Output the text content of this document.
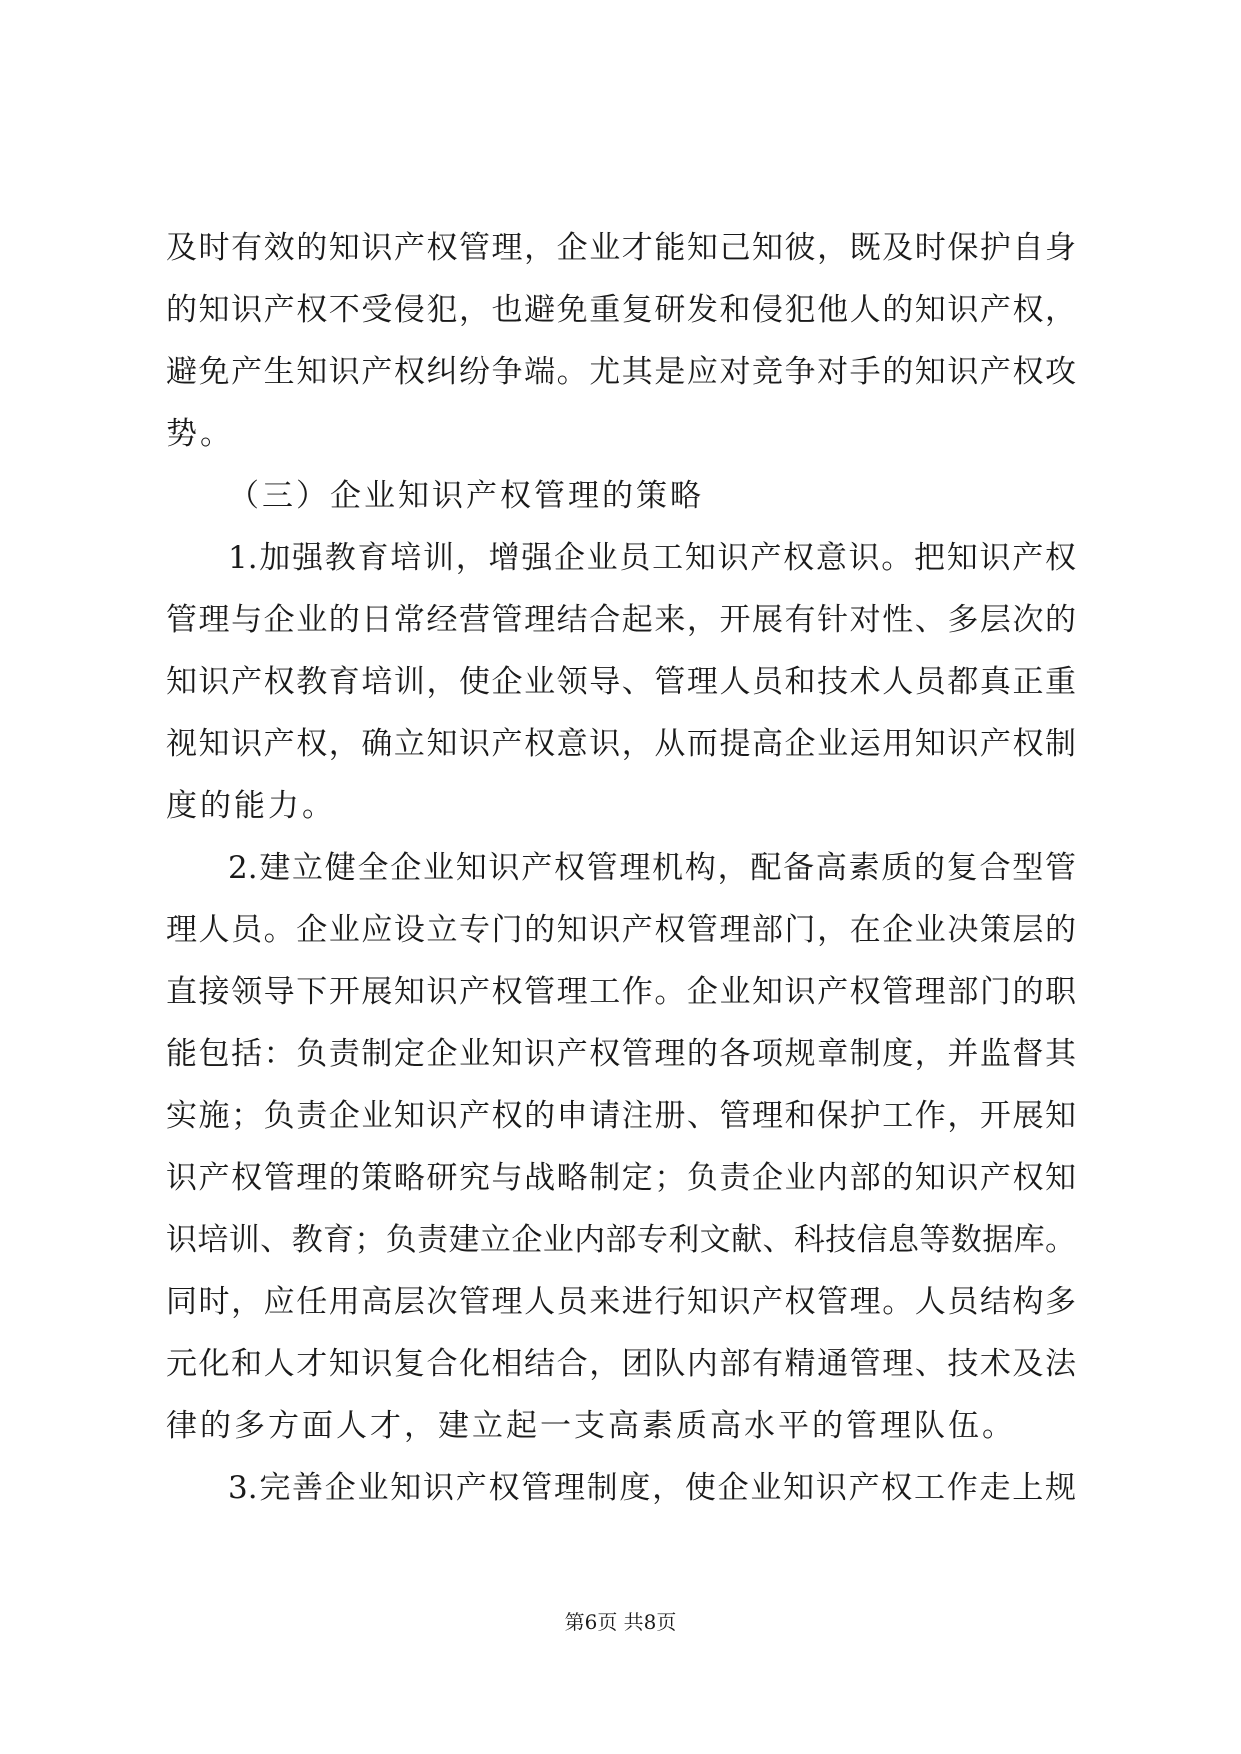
及时有效的知识产权管理，企业才能知己知彼，既及时保护自身
的知识产权不受侵犯，也避免重复研发和侵犯他人的知识产权，
避免产生知识产权纠纷争端。尤其是应对竞争对手的知识产权攻
势。
（三）企业知识产权管理的策略
1.加强教育培训，增强企业员工知识产权意识。把知识产权
管理与企业的日常经营管理结合起来，开展有针对性、多层次的
知识产权教育培训，使企业领导、管理人员和技术人员都真正重
视知识产权，确立知识产权意识，从而提高企业运用知识产权制
度的能力。
2.建立健全企业知识产权管理机构，配备高素质的复合型管
理人员。企业应设立专门的知识产权管理部门，在企业决策层的
直接领导下开展知识产权管理工作。企业知识产权管理部门的职
能包括：负责制定企业知识产权管理的各项规章制度，并监督其
实施；负责企业知识产权的申请注册、管理和保护工作，开展知
识产权管理的策略研究与战略制定；负责企业内部的知识产权知
识培训、教育；负责建立企业内部专利文献、科技信息等数据库。
同时，应任用高层次管理人员来进行知识产权管理。人员结构多
元化和人才知识复合化相结合，团队内部有精通管理、技术及法
律的多方面人才，建立起一支高素质高水平的管理队伍。
3.完善企业知识产权管理制度，使企业知识产权工作走上规
第6页 共8页
